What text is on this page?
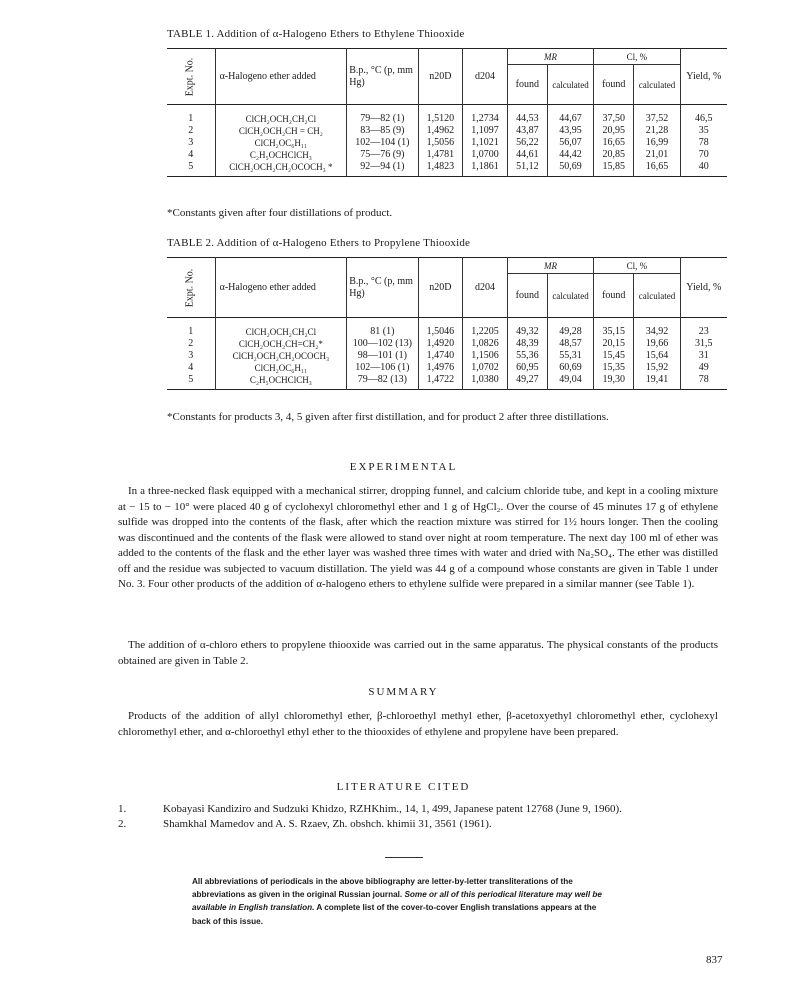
TABLE 1. Addition of α-Halogeno Ethers to Ethylene Thiooxide
Expt. No.	α-Halogeno ether added	B.p., °C (p, mm Hg)	n20D	d204	MR		Cl, %		Yield, %
					found	calculated	found	calculated	

1	ClCH₂OCH₂CH₂Cl	79—82 (1)	1,5120	1,2734	44,53	44,67	37,50	37,52	46,5
2	ClCH₂OCH₂CH = CH₂	83—85 (9)	1,4962	1,1097	43,87	43,95	20,95	21,28	35
3	ClCH₂OC₆H₁₁	102—104 (1)	1,5056	1,1021	56,22	56,07	16,65	16,99	78
4	C₂H₅OCHClCH₃	75—76 (9)	1,4781	1,0700	44,61	44,42	20,85	21,01	70
5	ClCH₂OCH₂CH₂OCOCH₃ *	92—94 (1)	1,4823	1,1861	51,12	50,69	15,85	16,65	40

*Constants given after four distillations of product.
TABLE 2. Addition of α-Halogeno Ethers to Propylene Thiooxide
Expt. No.	α-Halogeno ether added	B.p., °C (p, mm Hg)	n20D	d204	MR		Cl, %		Yield, %
					found	calculated	found	calculated	

1	ClCH₂OCH₂CH₂Cl	81 (1)	1,5046	1,2205	49,32	49,28	35,15	34,92	23
2	ClCH₂OCH₂CH=CH₂*	100—102 (13)	1,4920	1,0826	48,39	48,57	20,15	19,66	31,5
3	ClCH₂OCH₂CH₂OCOCH₃	98—101 (1)	1,4740	1,1506	55,36	55,31	15,45	15,64	31
4	ClCH₂OC₆H₁₁	102—106 (1)	1,4976	1,0702	60,95	60,69	15,35	15,92	49
5	C₂H₅OCHClCH₃	79—82 (13)	1,4722	1,0380	49,27	49,04	19,30	19,41	78

*Constants for products 3, 4, 5 given after first distillation, and for product 2 after three distillations.
EXPERIMENTAL

In a three-necked flask equipped with a mechanical stirrer, dropping funnel, and calcium chloride tube, and kept in a cooling mixture at − 15 to − 10° were placed 40 g of cyclohexyl chloromethyl ether and 1 g of HgCl₂. Over the course of 45 minutes 17 g of ethylene sulfide was dropped into the contents of the flask, after which the reaction mixture was stirred for 1½ hours longer. Then the cooling was discontinued and the contents of the flask were allowed to stand over night at room temperature. The next day 100 ml of ether was added to the contents of the flask and the ether layer was washed three times with water and dried with Na₂SO₄. The ether was distilled off and the residue was subjected to vacuum distillation. The yield was 44 g of a compound whose constants are given in Table 1 under No. 3. Four other products of the addition of α-halogeno ethers to ethylene sulfide were prepared in a similar manner (see Table 1).

The addition of α-chloro ethers to propylene thiooxide was carried out in the same apparatus. The physical constants of the products obtained are given in Table 2.

SUMMARY

Products of the addition of allyl chloromethyl ether, β-chloroethyl methyl ether, β-acetoxyethyl chloromethyl ether, cyclohexyl chloromethyl ether, and α-chloroethyl ethyl ether to the thiooxides of ethylene and propylene have been prepared.

LITERATURE CITED
1.	Kobayasi Kandiziro and Sudzuki Khidzo, RZHKhim., 14, 1, 499, Japanese patent 12768 (June 9, 1960).
2.	Shamkhal Mamedov and A. S. Rzaev, Zh. obshch. khimii 31, 3561 (1961).
All abbreviations of periodicals in the above bibliography are letter-by-letter transliterations of the abbreviations as given in the original Russian journal. Some or all of this periodical literature may well be available in English translation. A complete list of the cover-to-cover English translations appears at the back of this issue.
837
